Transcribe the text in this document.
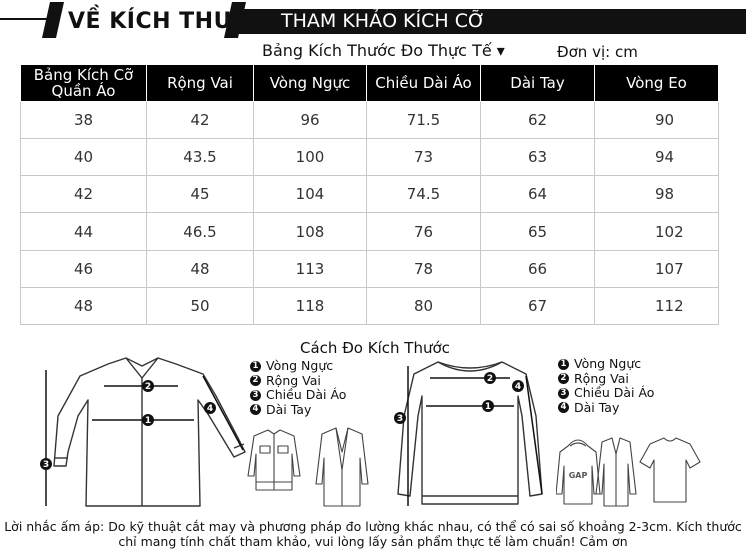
VỀ KÍCH THƯỚC THAM KHẢO KÍCH CỠ
Bảng Kích Thước Đo Thực Tế ▾	Đơn vị: cm
Bảng Kích Cỡ
Quần Áo	Rộng Vai	Vòng Ngực	Chiều Dài Áo	Dài Tay	Vòng Eo
38	42	96	71.5	62	90
40	43.5	100	73	63	94
42	45	104	74.5	64	98
44	46.5	108	76	65	102
46	48	113	78	66	107
48	50	118	80	67	112
Cách Đo Kích Thước
1
2
3
4
1 Vòng Ngực
2 Rộng Vai
3 Chiều Dài Áo
4 Dài Tay	1
2
3
4
1 Vòng Ngực
2 Rộng Vai
3 Chiều Dài Áo
4 Dài Tay
GAP
Lời nhắc ấm áp: Do kỹ thuật cắt may và phương pháp đo lường khác nhau, có thể có sai số khoảng 2-3cm. Kích thước
chỉ mang tính chất tham khảo, vui lòng lấy sản phẩm thực tế làm chuẩn! Cảm ơn
